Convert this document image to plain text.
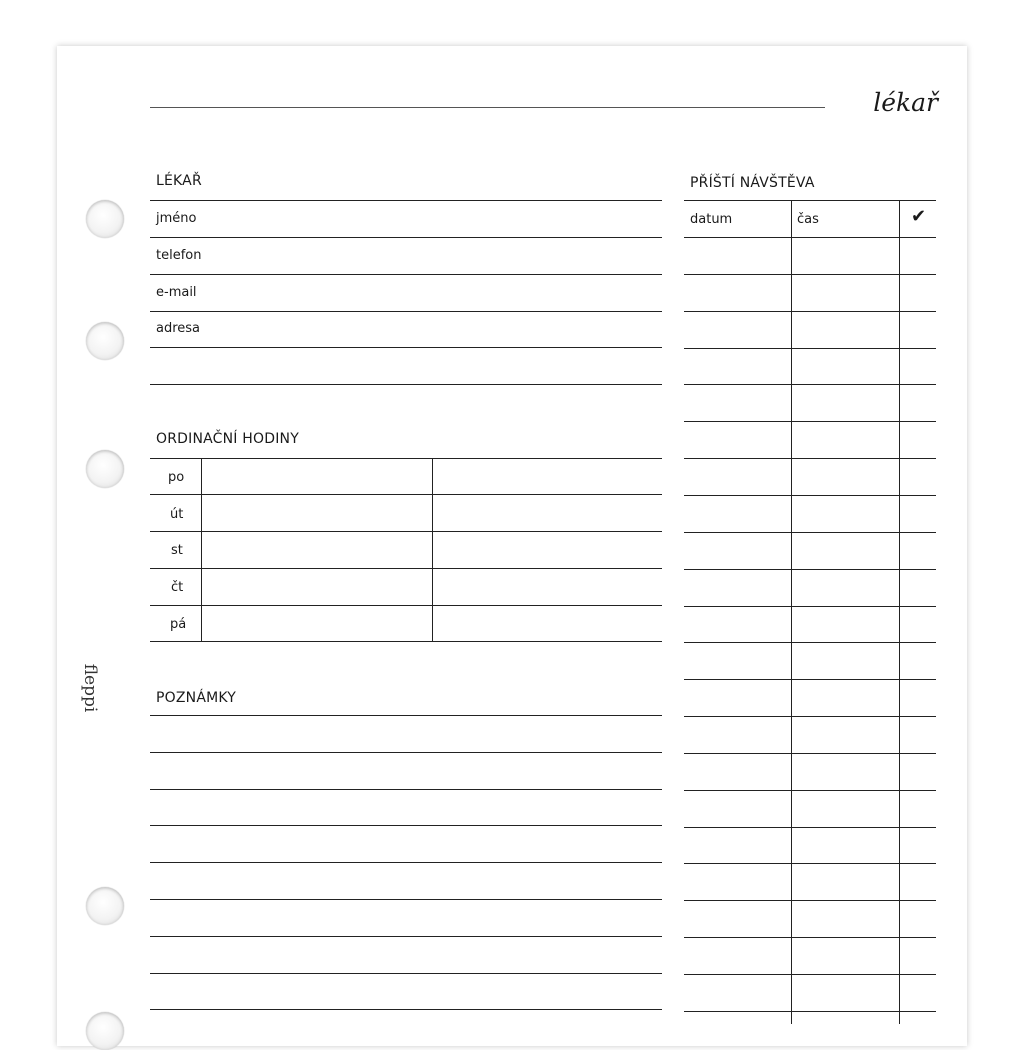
fleppi
lékař
LÉKAŘ
jméno
telefon
e-mail
adresa
ORDINAČNÍ HODINY
po
út
st
čt
pá
POZNÁMKY
PŘÍŠTÍ NÁVŠTĚVA
datum	čas	✔
